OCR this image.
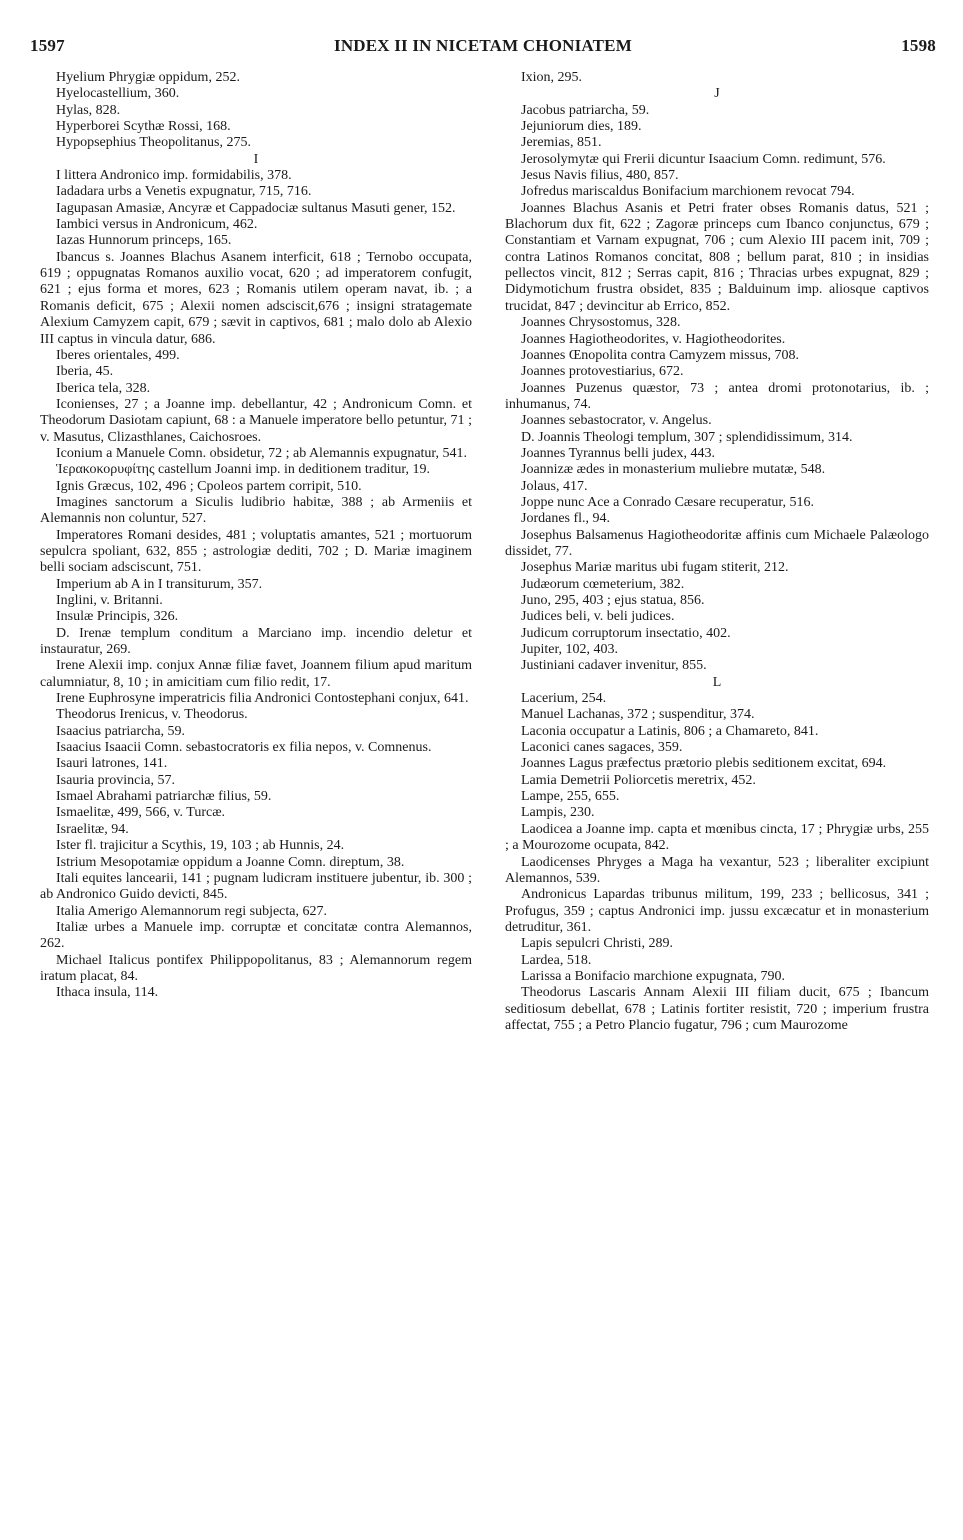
1597	INDEX II IN NICETAM CHONIATEM	1598

Hyelium Phrygiæ oppidum, 252.

Hyelocastellium, 360.

Hylas, 828.

Hyperborei Scythæ Rossi, 168.

Hypopsephius Theopolitanus, 275.

I

I littera Andronico imp. formidabilis, 378.

Iadadara urbs a Venetis expugnatur, 715, 716.

Iagupasan Amasiæ, Ancyræ et Cappadociæ sultanus Masuti gener, 152.

Iambici versus in Andronicum, 462.

Iazas Hunnorum princeps, 165.

Ibancus s. Joannes Blachus Asanem interficit, 618 ; Ternobo occupata, 619 ; oppugnatas Romanos auxilio vocat, 620 ; ad imperatorem confugit, 621 ; ejus forma et mores, 623 ; Romanis utilem operam navat, ib. ; a Romanis deficit, 675 ; Alexii nomen adsciscit,676 ; insigni stratagemate Alexium Camyzem capit, 679 ; sævit in captivos, 681 ; malo dolo ab Alexio III captus in vincula datur, 686.

Iberes orientales, 499.

Iberia, 45.

Iberica tela, 328.

Iconienses, 27 ; a Joanne imp. debellantur, 42 ; Andronicum Comn. et Theodorum Dasiotam capiunt, 68 : a Manuele imperatore bello petuntur, 71 ; v. Masutus, Clizasthlanes, Caichosroes.

Iconium a Manuele Comn. obsidetur, 72 ; ab Alemannis expugnatur, 541.

Ἱερακοκορυφίτης castellum Joanni imp. in deditionem traditur, 19.

Ignis Græcus, 102, 496 ; Cpoleos partem corripit, 510.

Imagines sanctorum a Siculis ludibrio habitæ, 388 ; ab Armeniis et Alemannis non coluntur, 527.

Imperatores Romani desides, 481 ; voluptatis amantes, 521 ; mortuorum sepulcra spoliant, 632, 855 ; astrologiæ dediti, 702 ; D. Mariæ imaginem belli sociam adsciscunt, 751.

Imperium ab A in I transiturum, 357.

Inglini, v. Britanni.

Insulæ Principis, 326.

D. Irenæ templum conditum a Marciano imp. incendio deletur et instauratur, 269.

Irene Alexii imp. conjux Annæ filiæ favet, Joannem filium apud maritum calumniatur, 8, 10 ; in amicitiam cum filio redit, 17.

Irene Euphrosyne imperatricis filia Andronici Contostephani conjux, 641.

Theodorus Irenicus, v. Theodorus.

Isaacius patriarcha, 59.

Isaacius Isaacii Comn. sebastocratoris ex filia nepos, v. Comnenus.

Isauri latrones, 141.

Isauria provincia, 57.

Ismael Abrahami patriarchæ filius, 59.

Ismaelitæ, 499, 566, v. Turcæ.

Israelitæ, 94.

Ister fl. trajicitur a Scythis, 19, 103 ; ab Hunnis, 24.

Istrium Mesopotamiæ oppidum a Joanne Comn. direptum, 38.

Itali equites lancearii, 141 ; pugnam ludicram instituere jubentur, ib. 300 ; ab Andronico Guido devicti, 845.

Italia Amerigo Alemannorum regi subjecta, 627.

Italiæ urbes a Manuele imp. corruptæ et concitatæ contra Alemannos, 262.

Michael Italicus pontifex Philippopolitanus, 83 ; Alemannorum regem iratum placat, 84.

Ithaca insula, 114.

Ixion, 295.

J

Jacobus patriarcha, 59.

Jejuniorum dies, 189.

Jeremias, 851.

Jerosolymytæ qui Frerii dicuntur Isaacium Comn. redimunt, 576.

Jesus Navis filius, 480, 857.

Jofredus mariscaldus Bonifacium marchionem revocat 794.

Joannes Blachus Asanis et Petri frater obses Romanis datus, 521 ; Blachorum dux fit, 622 ; Zagoræ princeps cum Ibanco conjunctus, 679 ; Constantiam et Varnam expugnat, 706 ; cum Alexio III pacem init, 709 ; contra Latinos Romanos concitat, 808 ; bellum parat, 810 ; in insidias pellectos vincit, 812 ; Serras capit, 816 ; Thracias urbes expugnat, 829 ; Didymotichum frustra obsidet, 835 ; Balduinum imp. aliosque captivos trucidat, 847 ; devincitur ab Errico, 852.

Joannes Chrysostomus, 328.

Joannes Hagiotheodorites, v. Hagiotheodorites.

Joannes Œnopolita contra Camyzem missus, 708.

Joannes protovestiarius, 672.

Joannes Puzenus quæstor, 73 ; antea dromi protonotarius, ib. ; inhumanus, 74.

Joannes sebastocrator, v. Angelus.

D. Joannis Theologi templum, 307 ; splendidissimum, 314.

Joannes Tyrannus belli judex, 443.

Joannizæ ædes in monasterium muliebre mutatæ, 548.

Jolaus, 417.

Joppe nunc Ace a Conrado Cæsare recuperatur, 516.

Jordanes fl., 94.

Josephus Balsamenus Hagiotheodoritæ affinis cum Michaele Palæologo dissidet, 77.

Josephus Mariæ maritus ubi fugam stiterit, 212.

Judæorum cœmeterium, 382.

Juno, 295, 403 ; ejus statua, 856.

Judices beli, v. beli judices.

Judicum corruptorum insectatio, 402.

Jupiter, 102, 403.

Justiniani cadaver invenitur, 855.

L

Lacerium, 254.

Manuel Lachanas, 372 ; suspenditur, 374.

Laconia occupatur a Latinis, 806 ; a Chamareto, 841.

Laconici canes sagaces, 359.

Joannes Lagus præfectus prætorio plebis seditionem excitat, 694.

Lamia Demetrii Poliorcetis meretrix, 452.

Lampe, 255, 655.

Lampis, 230.

Laodicea a Joanne imp. capta et mœnibus cincta, 17 ; Phrygiæ urbs, 255 ; a Mourozome ocupata, 842.

Laodicenses Phryges a Maga ha vexantur, 523 ; liberaliter excipiunt Alemannos, 539.

Andronicus Lapardas tribunus militum, 199, 233 ; bellicosus, 341 ; Profugus, 359 ; captus Andronici imp. jussu excæcatur et in monasterium detruditur, 361.

Lapis sepulcri Christi, 289.

Lardea, 518.

Larissa a Bonifacio marchione expugnata, 790.

Theodorus Lascaris Annam Alexii III filiam ducit, 675 ; Ibancum seditiosum debellat, 678 ; Latinis fortiter resistit, 720 ; imperium frustra affectat, 755 ; a Petro Plancio fugatur, 796 ; cum Maurozome
